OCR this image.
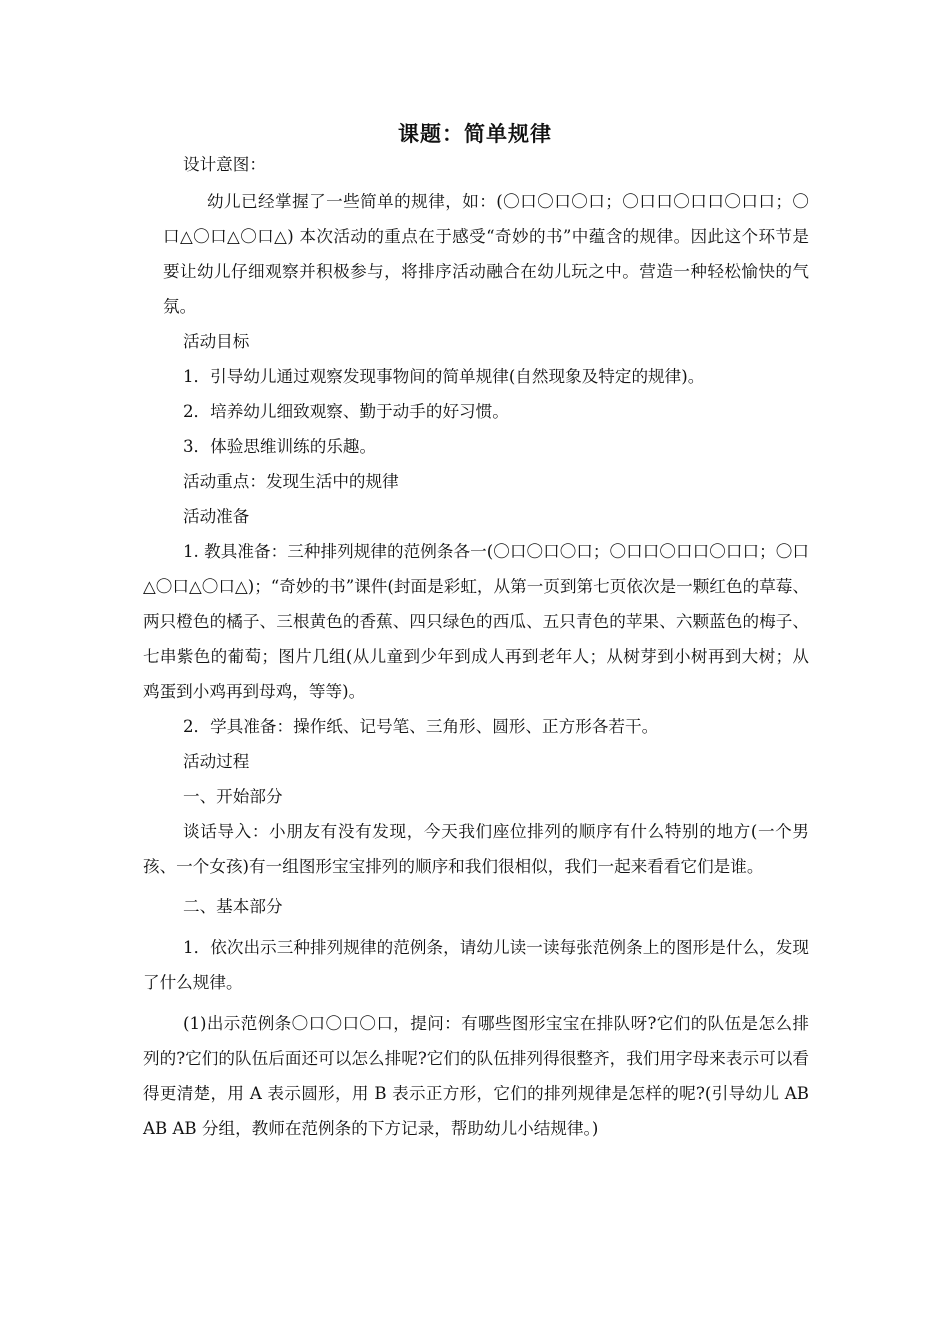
课题：简单规律

设计意图：

幼儿已经掌握了一些简单的规律，如：(〇口〇口〇口；〇口口〇口口〇口口；〇口△〇口△〇口△) 本次活动的重点在于感受“奇妙的书”中蕴含的规律。因此这个环节是要让幼儿仔细观察并积极参与，将排序活动融合在幼儿玩之中。营造一种轻松愉快的气氛。

活动目标

1．引导幼儿通过观察发现事物间的简单规律(自然现象及特定的规律)。

2．培养幼儿细致观察、勤于动手的好习惯。

3．体验思维训练的乐趣。

活动重点：发现生活中的规律

活动准备

1. 教具准备：三种排列规律的范例条各一(〇口〇口〇口；〇口口〇口口〇口口；〇口△〇口△〇口△)；“奇妙的书”课件(封面是彩虹，从第一页到第七页依次是一颗红色的草莓、两只橙色的橘子、三根黄色的香蕉、四只绿色的西瓜、五只青色的苹果、六颗蓝色的梅子、七串紫色的葡萄；图片几组(从儿童到少年到成人再到老年人；从树芽到小树再到大树；从鸡蛋到小鸡再到母鸡，等等)。

2．学具准备：操作纸、记号笔、三角形、圆形、正方形各若干。

活动过程

一、开始部分

谈话导入：小朋友有没有发现，今天我们座位排列的顺序有什么特别的地方(一个男孩、一个女孩)有一组图形宝宝排列的顺序和我们很相似，我们一起来看看它们是谁。

二、基本部分

1．依次出示三种排列规律的范例条，请幼儿读一读每张范例条上的图形是什么，发现了什么规律。

(1)出示范例条〇口〇口〇口，提问：有哪些图形宝宝在排队呀?它们的队伍是怎么排列的?它们的队伍后面还可以怎么排呢?它们的队伍排列得很整齐，我们用字母来表示可以看得更清楚，用 A 表示圆形，用 B 表示正方形，它们的排列规律是怎样的呢?(引导幼儿 AB AB AB 分组，教师在范例条的下方记录，帮助幼儿小结规律。)
